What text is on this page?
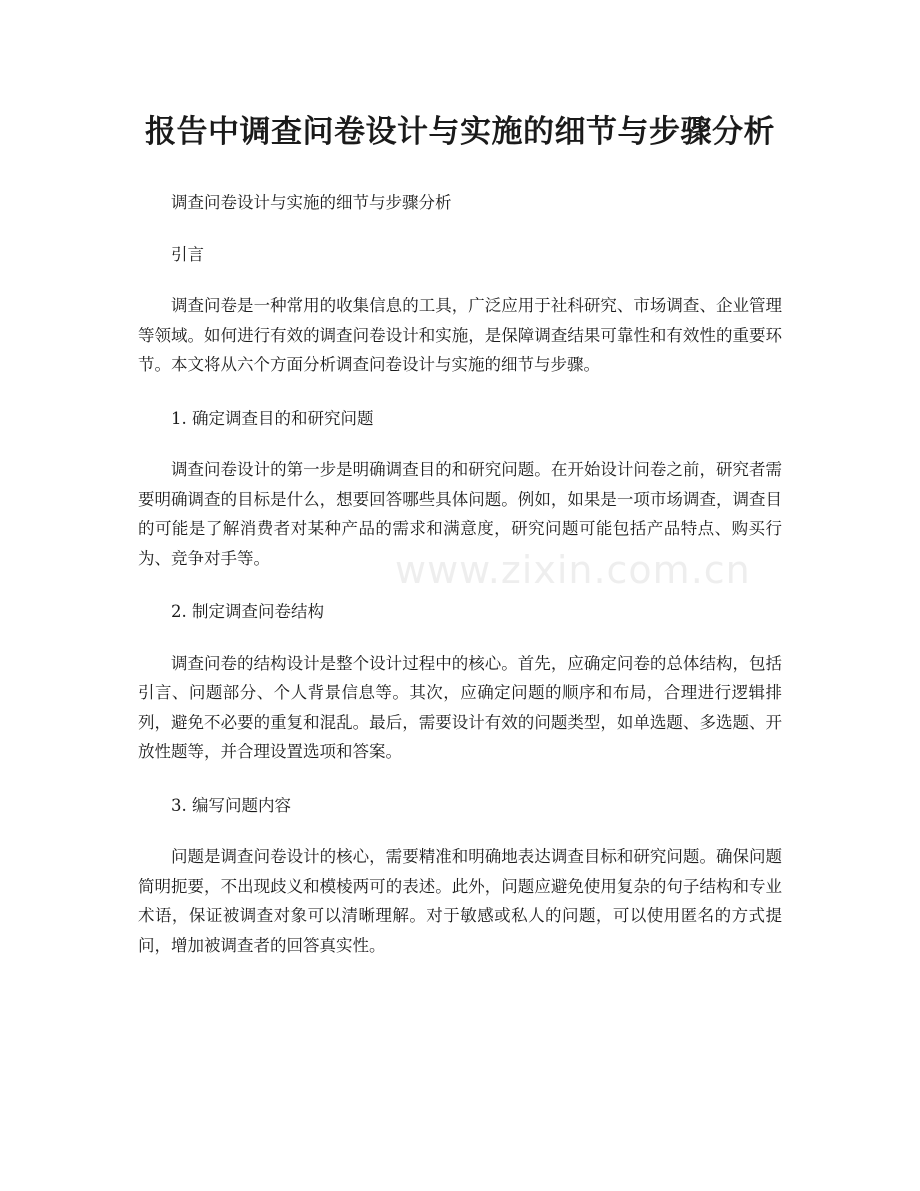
报告中调查问卷设计与实施的细节与步骤分析

调查问卷设计与实施的细节与步骤分析

引言

调查问卷是一种常用的收集信息的工具，广泛应用于社科研究、市场调查、企业管理等领域。如何进行有效的调查问卷设计和实施，是保障调查结果可靠性和有效性的重要环节。本文将从六个方面分析调查问卷设计与实施的细节与步骤。

1. 确定调查目的和研究问题

调查问卷设计的第一步是明确调查目的和研究问题。在开始设计问卷之前，研究者需要明确调查的目标是什么，想要回答哪些具体问题。例如，如果是一项市场调查，调查目的可能是了解消费者对某种产品的需求和满意度，研究问题可能包括产品特点、购买行为、竞争对手等。

2. 制定调查问卷结构

调查问卷的结构设计是整个设计过程中的核心。首先，应确定问卷的总体结构，包括引言、问题部分、个人背景信息等。其次，应确定问题的顺序和布局，合理进行逻辑排列，避免不必要的重复和混乱。最后，需要设计有效的问题类型，如单选题、多选题、开放性题等，并合理设置选项和答案。

3. 编写问题内容

问题是调查问卷设计的核心，需要精准和明确地表达调查目标和研究问题。确保问题简明扼要，不出现歧义和模棱两可的表述。此外，问题应避免使用复杂的句子结构和专业术语，保证被调查对象可以清晰理解。对于敏感或私人的问题，可以使用匿名的方式提问，增加被调查者的回答真实性。

www.zixin.com.cn
